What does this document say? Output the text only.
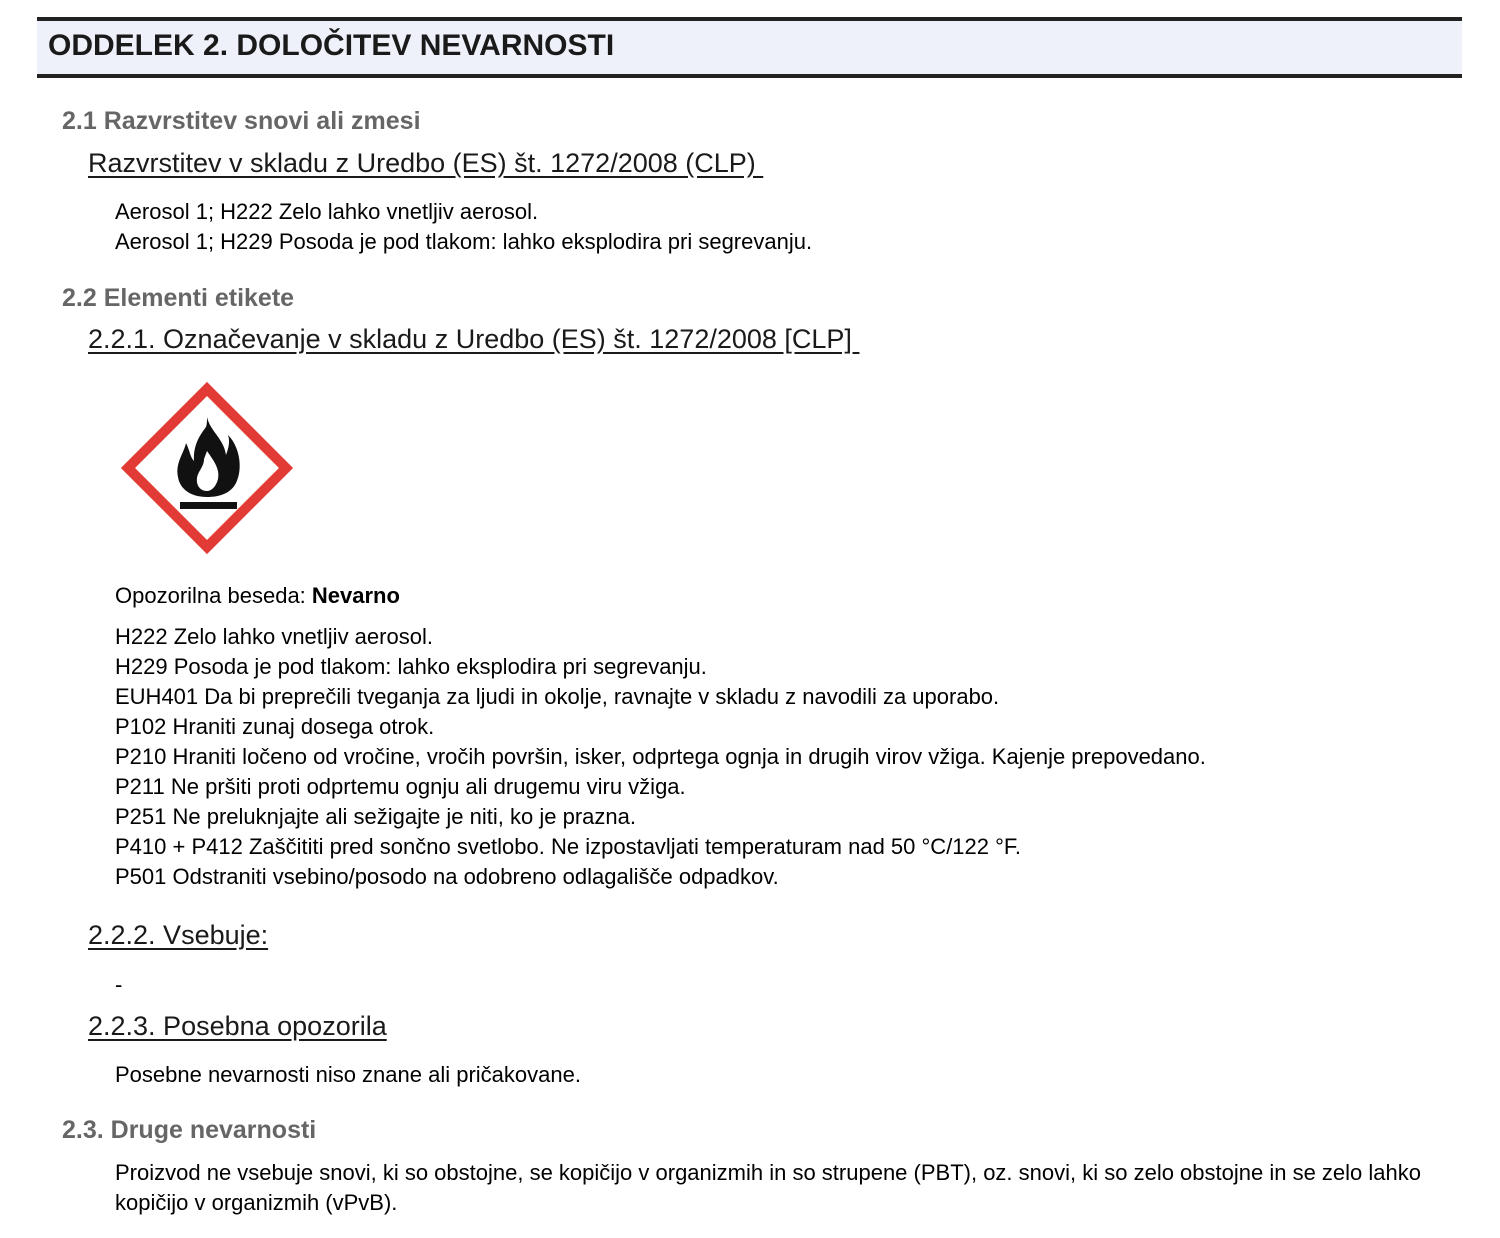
ODDELEK 2. DOLOČITEV NEVARNOSTI
2.1 Razvrstitev snovi ali zmesi
Razvrstitev v skladu z Uredbo (ES) št. 1272/2008 (CLP)
Aerosol 1; H222 Zelo lahko vnetljiv aerosol.
Aerosol 1; H229 Posoda je pod tlakom: lahko eksplodira pri segrevanju.
2.2 Elementi etikete
2.2.1. Označevanje v skladu z Uredbo (ES) št. 1272/2008 [CLP]
Opozorilna beseda: Nevarno
H222 Zelo lahko vnetljiv aerosol.
H229 Posoda je pod tlakom: lahko eksplodira pri segrevanju.
EUH401 Da bi preprečili tveganja za ljudi in okolje, ravnajte v skladu z navodili za uporabo.
P102 Hraniti zunaj dosega otrok.
P210 Hraniti ločeno od vročine, vročih površin, isker, odprtega ognja in drugih virov vžiga. Kajenje prepovedano.
P211 Ne pršiti proti odprtemu ognju ali drugemu viru vžiga.
P251 Ne preluknjajte ali sežigajte je niti, ko je prazna.
P410 + P412 Zaščititi pred sončno svetlobo. Ne izpostavljati temperaturam nad 50 °C/122 °F.
P501 Odstraniti vsebino/posodo na odobreno odlagališče odpadkov.
2.2.2. Vsebuje:
-
2.2.3. Posebna opozorila
Posebne nevarnosti niso znane ali pričakovane.
2.3. Druge nevarnosti
Proizvod ne vsebuje snovi, ki so obstojne, se kopičijo v organizmih in so strupene (PBT), oz. snovi, ki so zelo obstojne in se zelo lahko kopičijo v organizmih (vPvB).
